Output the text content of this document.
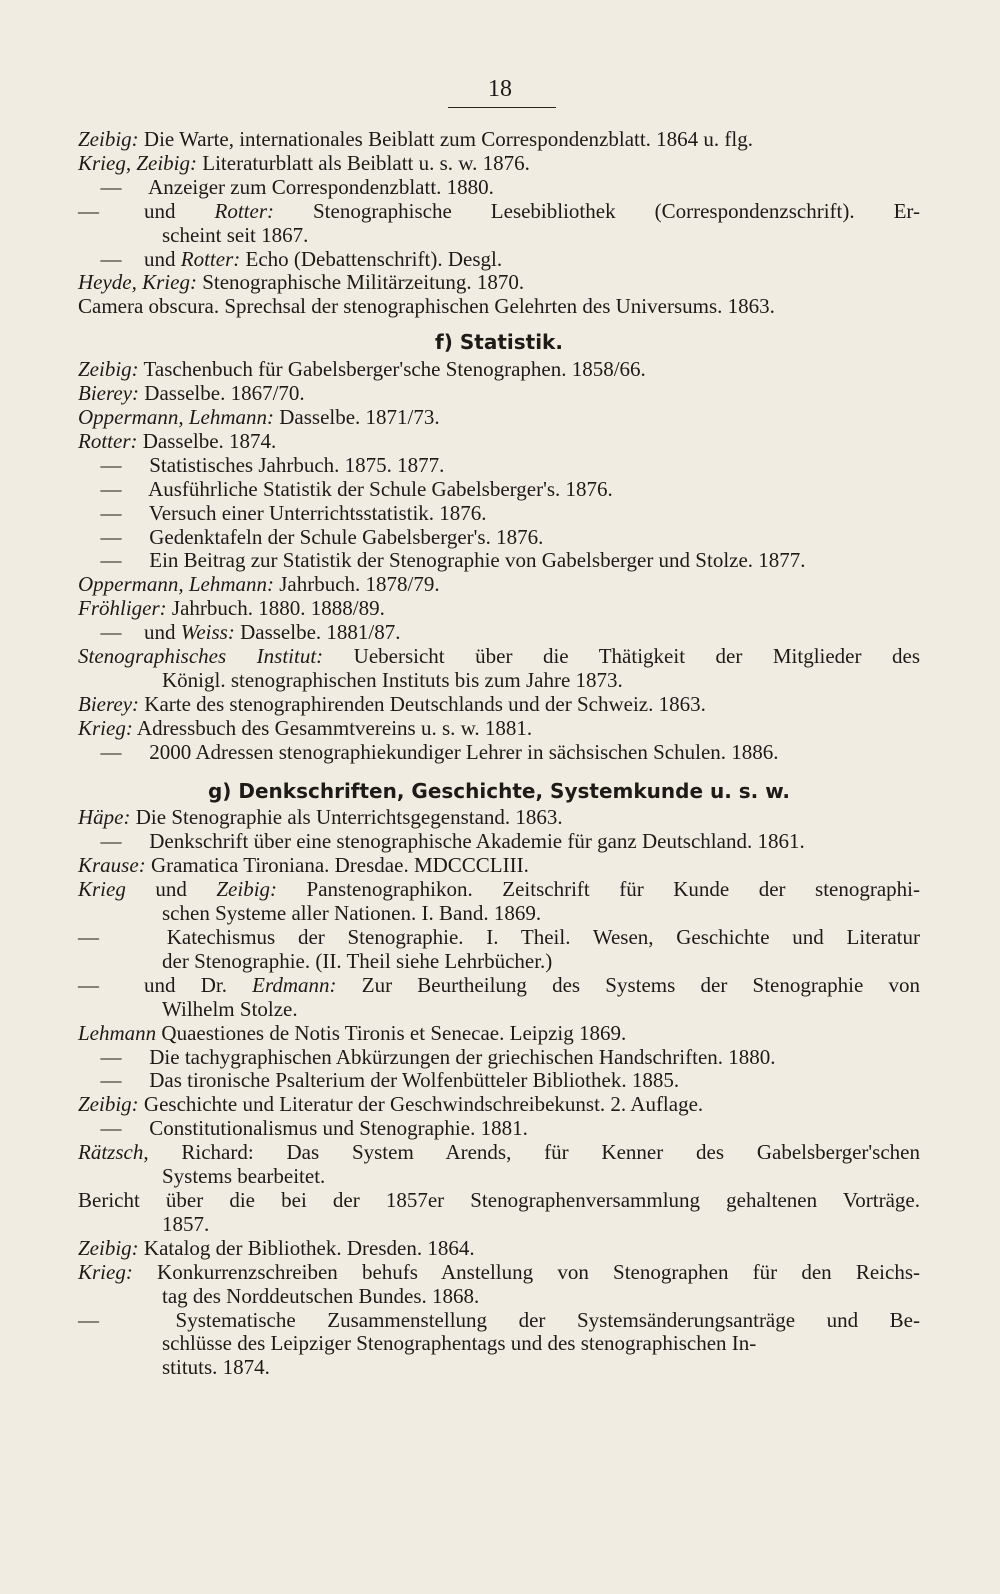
18
Zeibig: Die Warte, internationales Beiblatt zum Correspondenzblatt. 1864 u. flg.
Krieg, Zeibig: Literaturblatt als Beiblatt u. s. w. 1876.
— Anzeiger zum Correspondenzblatt. 1880.
— und Rotter: Stenographische Lesebibliothek (Correspondenzschrift). Er-
scheint seit 1867.
— und Rotter: Echo (Debattenschrift). Desgl.
Heyde, Krieg: Stenographische Militärzeitung. 1870.
Camera obscura. Sprechsal der stenographischen Gelehrten des Universums. 1863.
f) Statistik.
Zeibig: Taschenbuch für Gabelsberger'sche Stenographen. 1858/66.
Bierey: Dasselbe. 1867/70.
Oppermann, Lehmann: Dasselbe. 1871/73.
Rotter: Dasselbe. 1874.
— Statistisches Jahrbuch. 1875. 1877.
— Ausführliche Statistik der Schule Gabelsberger's. 1876.
— Versuch einer Unterrichtsstatistik. 1876.
— Gedenktafeln der Schule Gabelsberger's. 1876.
— Ein Beitrag zur Statistik der Stenographie von Gabelsberger und Stolze. 1877.
Oppermann, Lehmann: Jahrbuch. 1878/79.
Fröhliger: Jahrbuch. 1880. 1888/89.
— und Weiss: Dasselbe. 1881/87.
Stenographisches Institut: Uebersicht über die Thätigkeit der Mitglieder des
Königl. stenographischen Instituts bis zum Jahre 1873.
Bierey: Karte des stenographirenden Deutschlands und der Schweiz. 1863.
Krieg: Adressbuch des Gesammtvereins u. s. w. 1881.
— 2000 Adressen stenographiekundiger Lehrer in sächsischen Schulen. 1886.
g) Denkschriften, Geschichte, Systemkunde u. s. w.
Häpe: Die Stenographie als Unterrichtsgegenstand. 1863.
— Denkschrift über eine stenographische Akademie für ganz Deutschland. 1861.
Krause: Gramatica Tironiana. Dresdae. MDCCCLIII.
Krieg und Zeibig: Panstenographikon. Zeitschrift für Kunde der stenographi-
schen Systeme aller Nationen. I. Band. 1869.
— Katechismus der Stenographie. I. Theil. Wesen, Geschichte und Literatur
der Stenographie. (II. Theil siehe Lehrbücher.)
— und Dr. Erdmann: Zur Beurtheilung des Systems der Stenographie von
Wilhelm Stolze.
Lehmann Quaestiones de Notis Tironis et Senecae. Leipzig 1869.
— Die tachygraphischen Abkürzungen der griechischen Handschriften. 1880.
— Das tironische Psalterium der Wolfenbütteler Bibliothek. 1885.
Zeibig: Geschichte und Literatur der Geschwindschreibekunst. 2. Auflage.
— Constitutionalismus und Stenographie. 1881.
Rätzsch, Richard: Das System Arends, für Kenner des Gabelsberger'schen
Systems bearbeitet.
Bericht über die bei der 1857er Stenographenversammlung gehaltenen Vorträge.
1857.
Zeibig: Katalog der Bibliothek. Dresden. 1864.
Krieg: Konkurrenzschreiben behufs Anstellung von Stenographen für den Reichs-
tag des Norddeutschen Bundes. 1868.
— Systematische Zusammenstellung der Systemsänderungsanträge und Be-
schlüsse des Leipziger Stenographentags und des stenographischen In-
stituts. 1874.
